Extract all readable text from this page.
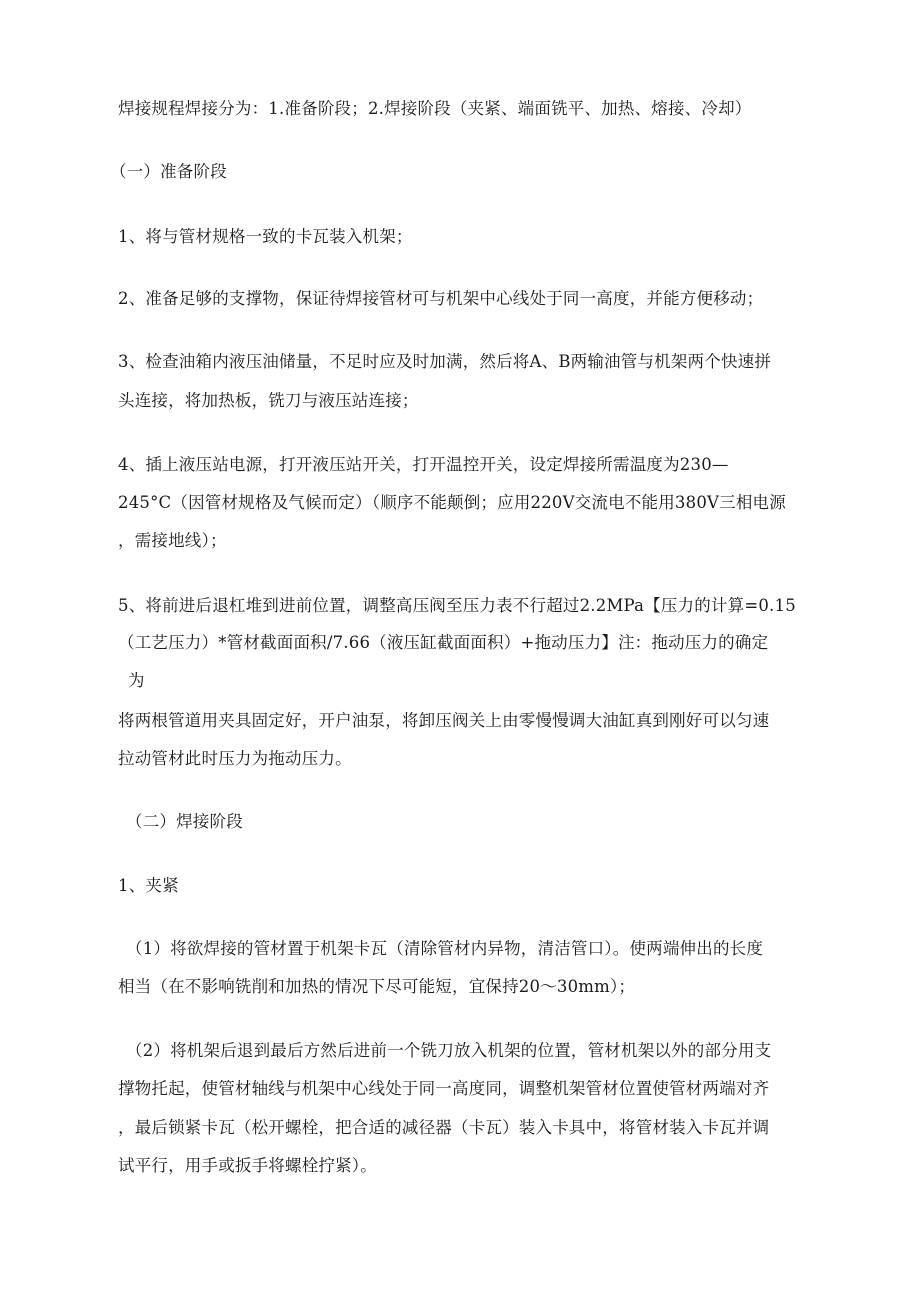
焊接规程焊接分为：1.准备阶段；2.焊接阶段（夹紧、端面铣平、加热、熔接、冷却）

（一）准备阶段

1、将与管材规格一致的卡瓦装入机架；

2、准备足够的支撑物，保证待焊接管材可与机架中心线处于同一高度，并能方便移动；

3、检查油箱内液压油储量，不足时应及时加满，然后将A、B两输油管与机架两个快速拼

头连接，将加热板，铣刀与液压站连接；

4、插上液压站电源，打开液压站开关，打开温控开关，设定焊接所需温度为230—

245°C（因管材规格及气候而定）（顺序不能颠倒；应用220V交流电不能用380V三相电源

，需接地线）；

5、将前进后退杠堆到进前位置，调整高压阀至压力表不行超过2.2MPa【压力的计算=0.15

（工艺压力）*管材截面面积/7.66（液压缸截面面积）+拖动压力】注：拖动压力的确定

为

将两根管道用夹具固定好，开户油泵，将卸压阀关上由零慢慢调大油缸真到刚好可以匀速

拉动管材此时压力为拖动压力。

（二）焊接阶段

1、夹紧

（1）将欲焊接的管材置于机架卡瓦（清除管材内异物，清洁管口）。使两端伸出的长度

相当（在不影响铣削和加热的情况下尽可能短，宜保持20～30mm）；

（2）将机架后退到最后方然后进前一个铣刀放入机架的位置，管材机架以外的部分用支

撑物托起，使管材轴线与机架中心线处于同一高度同，调整机架管材位置使管材两端对齐

，最后锁紧卡瓦（松开螺栓，把合适的减径器（卡瓦）装入卡具中，将管材装入卡瓦并调

试平行，用手或扳手将螺栓拧紧）。
